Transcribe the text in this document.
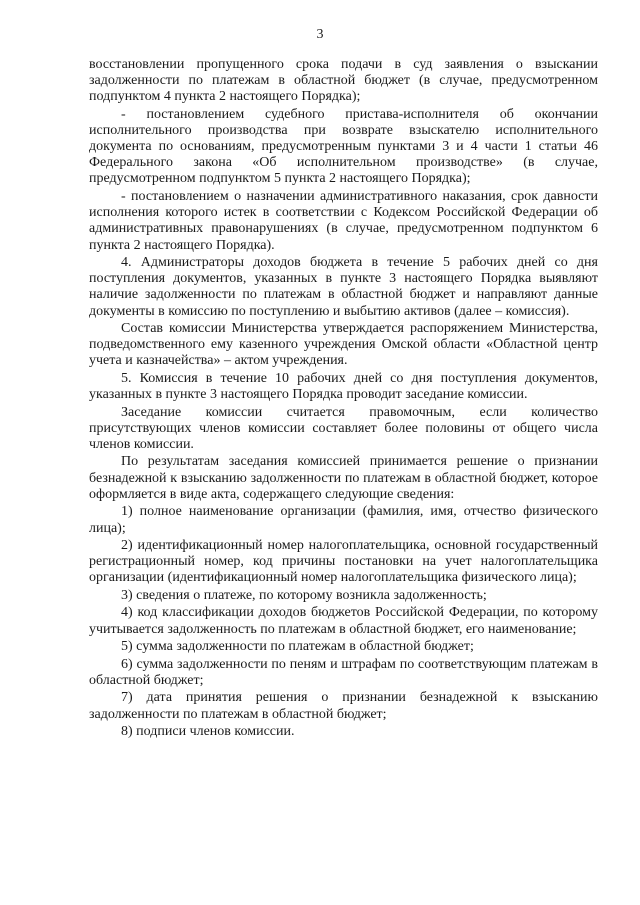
3

восстановлении пропущенного срока подачи в суд заявления о взыскании задолженности по платежам в областной бюджет (в случае, предусмотренном подпунктом 4 пункта 2 настоящего Порядка);

- постановлением судебного пристава-исполнителя об окончании исполнительного производства при возврате взыскателю исполнительного документа по основаниям, предусмотренным пунктами 3 и 4 части 1 статьи 46 Федерального закона «Об исполнительном производстве» (в случае, предусмотренном подпунктом 5 пункта 2 настоящего Порядка);

- постановлением о назначении административного наказания, срок давности исполнения которого истек в соответствии с Кодексом Российской Федерации об административных правонарушениях (в случае, предусмотренном подпунктом 6 пункта 2 настоящего Порядка).

4. Администраторы доходов бюджета в течение 5 рабочих дней со дня поступления документов, указанных в пункте 3 настоящего Порядка выявляют наличие задолженности по платежам в областной бюджет и направляют данные документы в комиссию по поступлению и выбытию активов (далее – комиссия).

Состав комиссии Министерства утверждается распоряжением Министерства, подведомственного ему казенного учреждения Омской области «Областной центр учета и казначейства» – актом учреждения.

5. Комиссия в течение 10 рабочих дней со дня поступления документов, указанных в пункте 3 настоящего Порядка проводит заседание комиссии.

Заседание комиссии считается правомочным, если количество присутствующих членов комиссии составляет более половины от общего числа членов комиссии.

По результатам заседания комиссией принимается решение о признании безнадежной к взысканию задолженности по платежам в областной бюджет, которое оформляется в виде акта, содержащего следующие сведения:

1) полное наименование организации (фамилия, имя, отчество физического лица);

2) идентификационный номер налогоплательщика, основной государственный регистрационный номер, код причины постановки на учет налогоплательщика организации (идентификационный номер налогоплательщика физического лица);

3) сведения о платеже, по которому возникла задолженность;

4) код классификации доходов бюджетов Российской Федерации, по которому учитывается задолженность по платежам в областной бюджет, его наименование;

5) сумма задолженности по платежам в областной бюджет;

6) сумма задолженности по пеням и штрафам по соответствующим платежам в областной бюджет;

7) дата принятия решения о признании безнадежной к взысканию задолженности по платежам в областной бюджет;

8) подписи членов комиссии.
